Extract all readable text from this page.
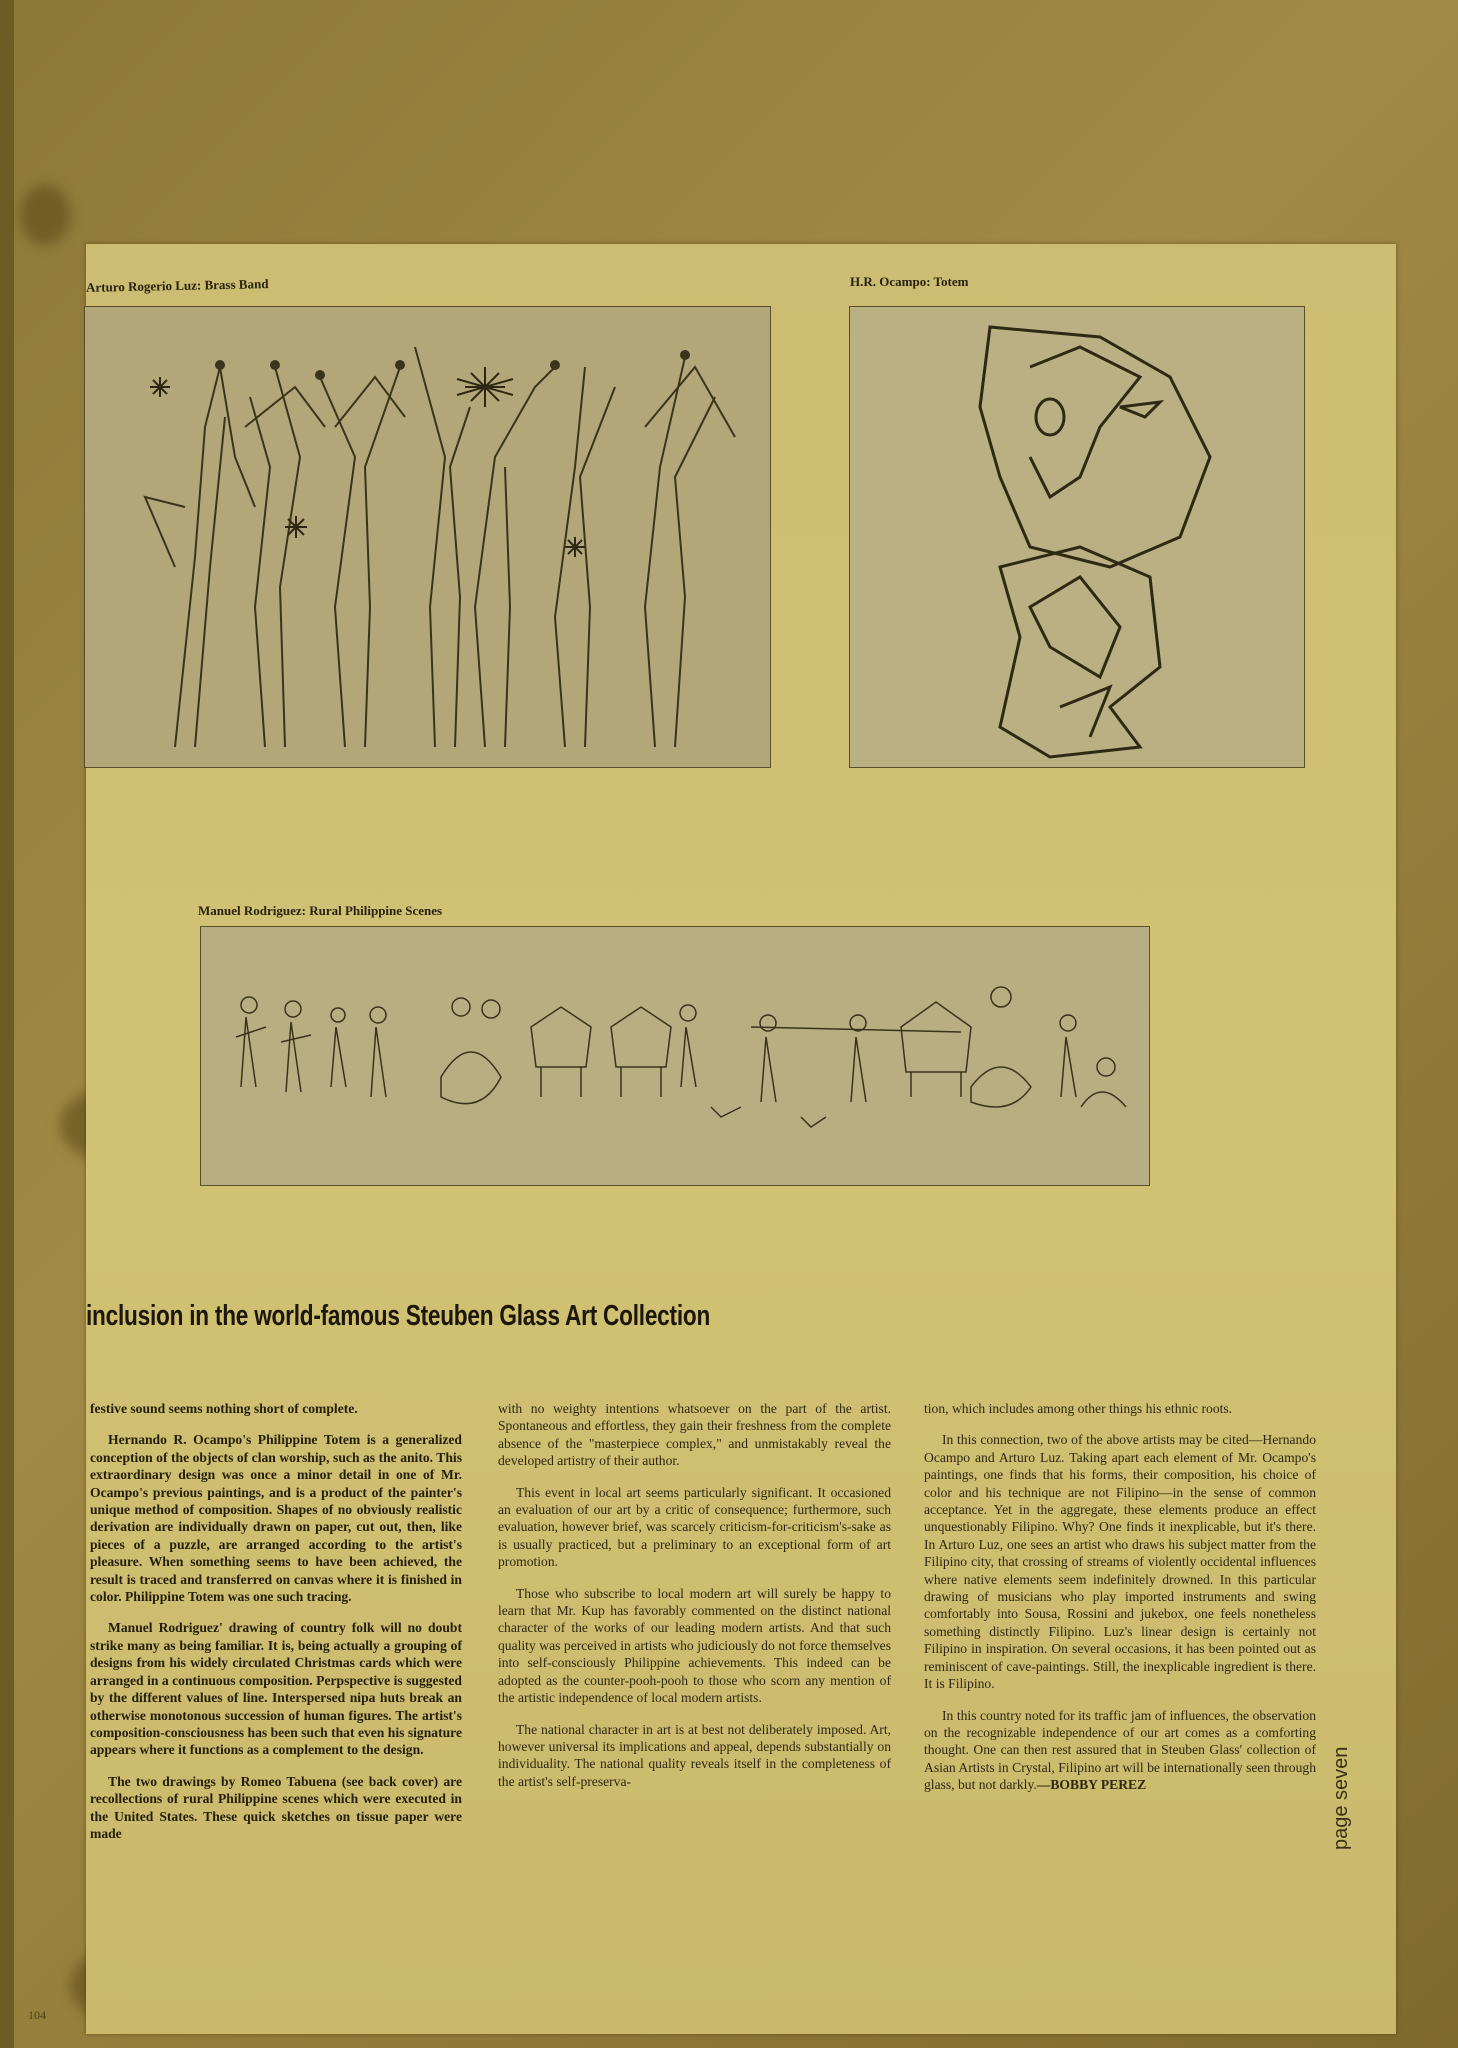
Arturo Rogerio Luz: Brass Band	H.R. Ocampo: Totem
Manuel Rodriguez: Rural Philippine Scenes
inclusion in the world-famous Steuben Glass Art Collection

festive sound seems nothing short of complete.

Hernando R. Ocampo's Philippine Totem is a generalized conception of the objects of clan worship, such as the anito. This extraordinary design was once a minor detail in one of Mr. Ocampo's previous paintings, and is a product of the painter's unique method of composition. Shapes of no obviously realistic derivation are individually drawn on paper, cut out, then, like pieces of a puzzle, are arranged according to the artist's pleasure. When something seems to have been achieved, the result is traced and transferred on canvas where it is finished in color. Philippine Totem was one such tracing.

Manuel Rodriguez' drawing of country folk will no doubt strike many as being familiar. It is, being actually a grouping of designs from his widely circulated Christmas cards which were arranged in a continuous composition. Perpspective is suggested by the different values of line. Interspersed nipa huts break an otherwise monotonous succession of human figures. The artist's composition-consciousness has been such that even his signature appears where it functions as a complement to the design.

The two drawings by Romeo Tabuena (see back cover) are recollections of rural Philippine scenes which were executed in the United States. These quick sketches on tissue paper were made

with no weighty intentions whatsoever on the part of the artist. Spontaneous and effortless, they gain their freshness from the complete absence of the "masterpiece complex," and unmistakably reveal the developed artistry of their author.

This event in local art seems particularly significant. It occasioned an evaluation of our art by a critic of consequence; furthermore, such evaluation, however brief, was scarcely criticism-for-criticism's-sake as is usually practiced, but a preliminary to an exceptional form of art promotion.

Those who subscribe to local modern art will surely be happy to learn that Mr. Kup has favorably commented on the distinct national character of the works of our leading modern artists. And that such quality was perceived in artists who judiciously do not force themselves into self-consciously Philippine achievements. This indeed can be adopted as the counter-pooh-pooh to those who scorn any mention of the artistic independence of local modern artists.

The national character in art is at best not deliberately imposed. Art, however universal its implications and appeal, depends substantially on individuality. The national quality reveals itself in the completeness of the artist's self-preserva-

tion, which includes among other things his ethnic roots.

In this connection, two of the above artists may be cited—Hernando Ocampo and Arturo Luz. Taking apart each element of Mr. Ocampo's paintings, one finds that his forms, their composition, his choice of color and his technique are not Filipino—in the sense of common acceptance. Yet in the aggregate, these elements produce an effect unquestionably Filipino. Why? One finds it inexplicable, but it's there. In Arturo Luz, one sees an artist who draws his subject matter from the Filipino city, that crossing of streams of violently occidental influences where native elements seem indefinitely drowned. In this particular drawing of musicians who play imported instruments and swing comfortably into Sousa, Rossini and jukebox, one feels nonetheless something distinctly Filipino. Luz's linear design is certainly not Filipino in inspiration. On several occasions, it has been pointed out as reminiscent of cave-paintings. Still, the inexplicable ingredient is there. It is Filipino.

In this country noted for its traffic jam of influences, the observation on the recognizable independence of our art comes as a comforting thought. One can then rest assured that in Steuben Glass' collection of Asian Artists in Crystal, Filipino art will be internationally seen through glass, but not darkly.—BOBBY PEREZ	page seven
104
